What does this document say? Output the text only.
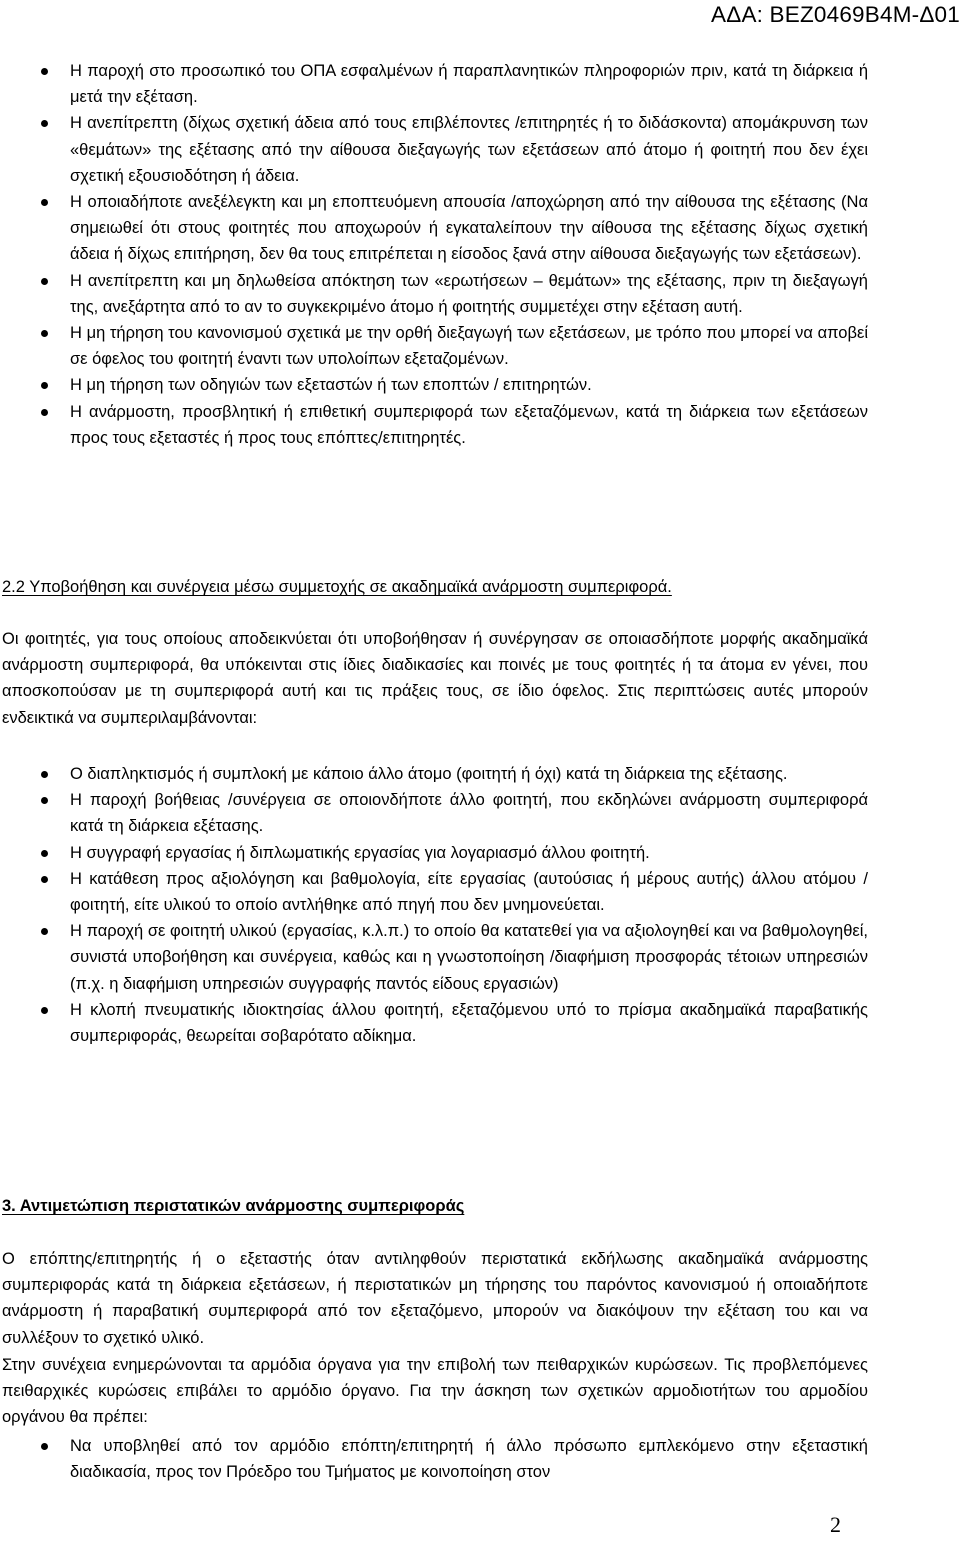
ΑΔΑ: ΒΕΖ0469Β4Μ-Δ01
Η παροχή στο προσωπικό του ΟΠΑ εσφαλμένων ή παραπλανητικών πληροφοριών πριν, κατά τη διάρκεια ή μετά την εξέταση.
Η ανεπίτρεπτη (δίχως σχετική άδεια από τους επιβλέποντες /επιτηρητές ή το διδάσκοντα) απομάκρυνση των «θεμάτων» της εξέτασης από την αίθουσα διεξαγωγής των εξετάσεων από άτομο ή φοιτητή που δεν έχει σχετική εξουσιοδότηση ή άδεια.
Η οποιαδήποτε ανεξέλεγκτη και μη εποπτευόμενη απουσία /αποχώρηση από την αίθουσα της εξέτασης (Να σημειωθεί ότι στους φοιτητές που αποχωρούν ή εγκαταλείπουν την αίθουσα της εξέτασης δίχως σχετική άδεια ή δίχως επιτήρηση, δεν θα τους επιτρέπεται η είσοδος ξανά στην αίθουσα διεξαγωγής των εξετάσεων).
Η ανεπίτρεπτη και μη δηλωθείσα απόκτηση των «ερωτήσεων – θεμάτων» της εξέτασης, πριν τη διεξαγωγή της, ανεξάρτητα από το αν το συγκεκριμένο άτομο ή φοιτητής συμμετέχει στην εξέταση αυτή.
Η μη τήρηση του κανονισμού σχετικά με την ορθή διεξαγωγή των εξετάσεων, με τρόπο που μπορεί να αποβεί σε όφελος του φοιτητή έναντι των υπολοίπων εξεταζομένων.
Η μη τήρηση των οδηγιών των εξεταστών ή των εποπτών / επιτηρητών.
Η ανάρμοστη, προσβλητική ή επιθετική συμπεριφορά των εξεταζόμενων, κατά τη διάρκεια των εξετάσεων προς τους εξεταστές ή προς τους επόπτες/επιτηρητές.

2.2 Υποβοήθηση και συνέργεια μέσω συμμετοχής σε ακαδημαϊκά ανάρμοστη συμπεριφορά.

Οι φοιτητές, για τους οποίους αποδεικνύεται ότι υποβοήθησαν ή συνέργησαν σε οποιασδήποτε μορφής ακαδημαϊκά ανάρμοστη συμπεριφορά, θα υπόκεινται στις ίδιες διαδικασίες και ποινές με τους φοιτητές ή τα άτομα εν γένει, που αποσκοπούσαν με τη συμπεριφορά αυτή και τις πράξεις τους, σε ίδιο όφελος. Στις περιπτώσεις αυτές μπορούν ενδεικτικά να συμπεριλαμβάνονται:

Ο διαπληκτισμός ή συμπλοκή με κάποιο άλλο άτομο (φοιτητή ή όχι) κατά τη διάρκεια της εξέτασης.
Η παροχή βοήθειας /συνέργεια σε οποιονδήποτε άλλο φοιτητή, που εκδηλώνει ανάρμοστη συμπεριφορά κατά τη διάρκεια εξέτασης.
Η συγγραφή εργασίας ή διπλωματικής εργασίας για λογαριασμό άλλου φοιτητή.
Η κατάθεση προς αξιολόγηση και βαθμολογία, είτε εργασίας (αυτούσιας ή μέρους αυτής) άλλου ατόμου /φοιτητή, είτε υλικού το οποίο αντλήθηκε από πηγή που δεν μνημονεύεται.
Η παροχή σε φοιτητή υλικού (εργασίας, κ.λ.π.) το οποίο θα κατατεθεί για να αξιολογηθεί και να βαθμολογηθεί, συνιστά υποβοήθηση και συνέργεια, καθώς και η γνωστοποίηση /διαφήμιση προσφοράς τέτοιων υπηρεσιών (π.χ. η διαφήμιση υπηρεσιών συγγραφής παντός είδους εργασιών)
Η κλοπή πνευματικής ιδιοκτησίας άλλου φοιτητή, εξεταζόμενου υπό το πρίσμα ακαδημαϊκά παραβατικής συμπεριφοράς, θεωρείται σοβαρότατο αδίκημα.

3. Αντιμετώπιση περιστατικών ανάρμοστης συμπεριφοράς

Ο επόπτης/επιτηρητής ή ο εξεταστής όταν αντιληφθούν περιστατικά εκδήλωσης ακαδημαϊκά ανάρμοστης συμπεριφοράς κατά τη διάρκεια εξετάσεων, ή περιστατικών μη τήρησης του παρόντος κανονισμού ή οποιαδήποτε ανάρμοστη ή παραβατική συμπεριφορά από τον εξεταζόμενο, μπορούν να διακόψουν την εξέταση του και να συλλέξουν το σχετικό υλικό.

Στην συνέχεια ενημερώνονται τα αρμόδια όργανα για την επιβολή των πειθαρχικών κυρώσεων. Τις προβλεπόμενες πειθαρχικές κυρώσεις επιβάλει το αρμόδιο όργανο. Για την άσκηση των σχετικών αρμοδιοτήτων του αρμοδίου οργάνου θα πρέπει:

Να υποβληθεί από τον αρμόδιο επόπτη/επιτηρητή ή άλλο πρόσωπο εμπλεκόμενο στην εξεταστική διαδικασία, προς τον Πρόεδρο του Τμήματος με κοινοποίηση στον
2
